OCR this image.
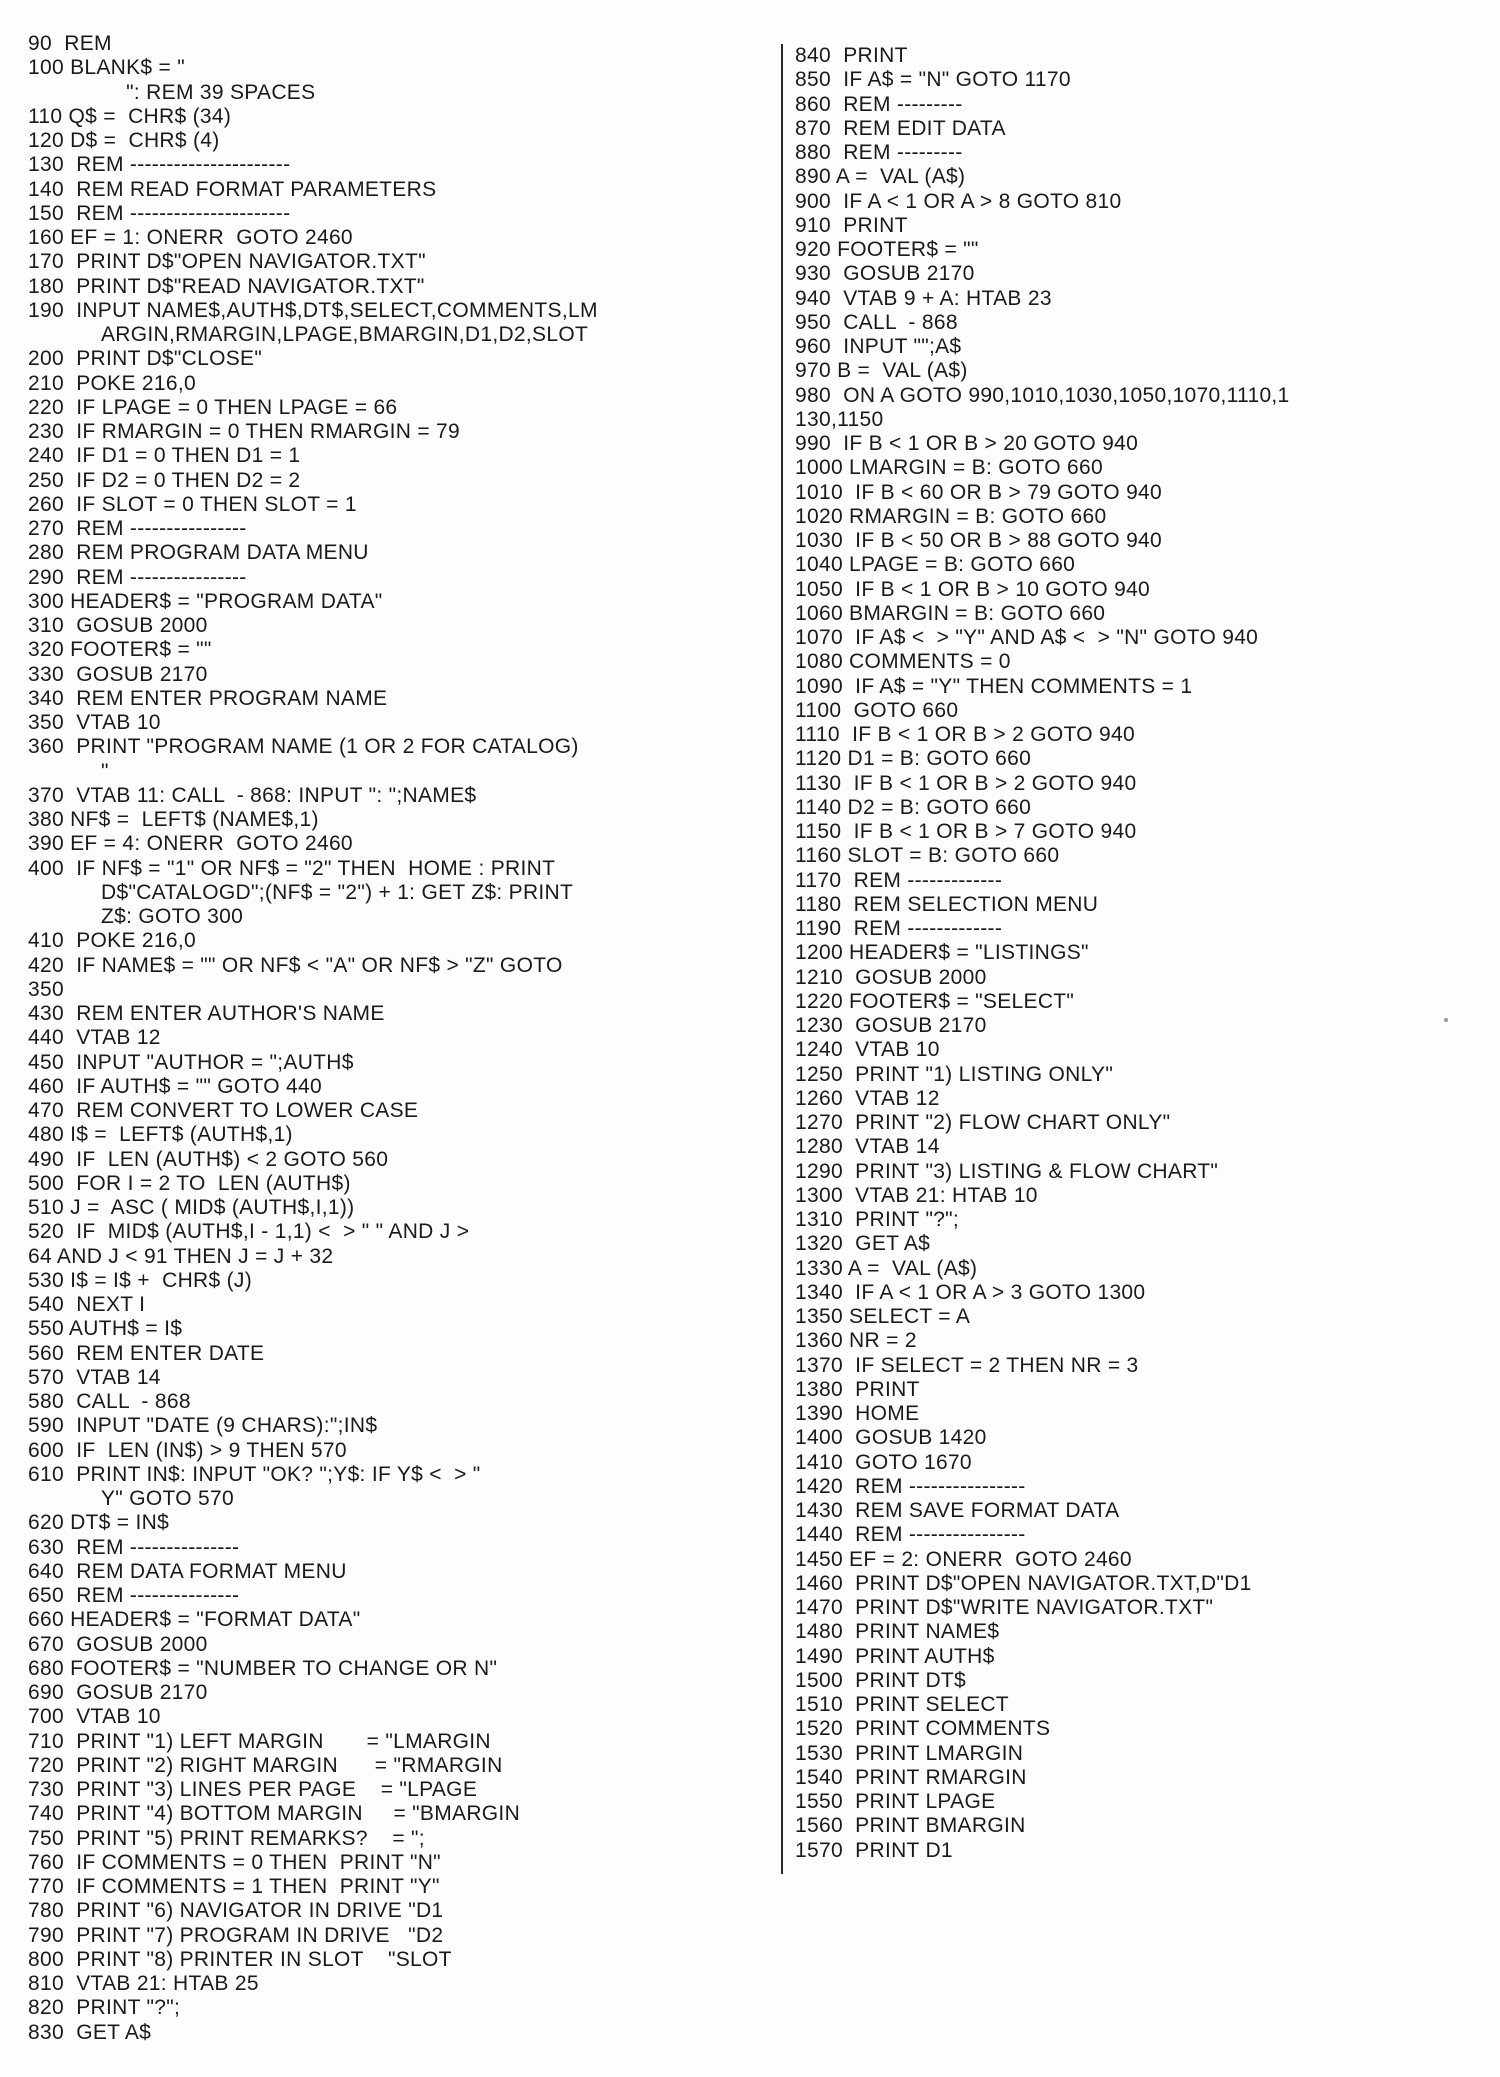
90  REM
100 BLANK$ = "
": REM 39 SPACES
110 Q$ =  CHR$ (34)
120 D$ =  CHR$ (4)
130  REM ----------------------
140  REM READ FORMAT PARAMETERS
150  REM ----------------------
160 EF = 1: ONERR  GOTO 2460
170  PRINT D$"OPEN NAVIGATOR.TXT"
180  PRINT D$"READ NAVIGATOR.TXT"
190  INPUT NAME$,AUTH$,DT$,SELECT,COMMENTS,LM
ARGIN,RMARGIN,LPAGE,BMARGIN,D1,D2,SLOT
200  PRINT D$"CLOSE"
210  POKE 216,0
220  IF LPAGE = 0 THEN LPAGE = 66
230  IF RMARGIN = 0 THEN RMARGIN = 79
240  IF D1 = 0 THEN D1 = 1
250  IF D2 = 0 THEN D2 = 2
260  IF SLOT = 0 THEN SLOT = 1
270  REM ----------------
280  REM PROGRAM DATA MENU
290  REM ----------------
300 HEADER$ = "PROGRAM DATA"
310  GOSUB 2000
320 FOOTER$ = ""
330  GOSUB 2170
340  REM ENTER PROGRAM NAME
350  VTAB 10
360  PRINT "PROGRAM NAME (1 OR 2 FOR CATALOG)
"
370  VTAB 11: CALL  - 868: INPUT ": ";NAME$
380 NF$ =  LEFT$ (NAME$,1)
390 EF = 4: ONERR  GOTO 2460
400  IF NF$ = "1" OR NF$ = "2" THEN  HOME : PRINT
D$"CATALOGD";(NF$ = "2") + 1: GET Z$: PRINT
Z$: GOTO 300
410  POKE 216,0
420  IF NAME$ = "" OR NF$ < "A" OR NF$ > "Z" GOTO
350
430  REM ENTER AUTHOR'S NAME
440  VTAB 12
450  INPUT "AUTHOR = ";AUTH$
460  IF AUTH$ = "" GOTO 440
470  REM CONVERT TO LOWER CASE
480 I$ =  LEFT$ (AUTH$,1)
490  IF  LEN (AUTH$) < 2 GOTO 560
500  FOR I = 2 TO  LEN (AUTH$)
510 J =  ASC ( MID$ (AUTH$,I,1))
520  IF  MID$ (AUTH$,I - 1,1) <  > " " AND J >
64 AND J < 91 THEN J = J + 32
530 I$ = I$ +  CHR$ (J)
540  NEXT I
550 AUTH$ = I$
560  REM ENTER DATE
570  VTAB 14
580  CALL  - 868
590  INPUT "DATE (9 CHARS):";IN$
600  IF  LEN (IN$) > 9 THEN 570
610  PRINT IN$: INPUT "OK? ";Y$: IF Y$ <  > "
Y" GOTO 570
620 DT$ = IN$
630  REM ---------------
640  REM DATA FORMAT MENU
650  REM ---------------
660 HEADER$ = "FORMAT DATA"
670  GOSUB 2000
680 FOOTER$ = "NUMBER TO CHANGE OR N"
690  GOSUB 2170
700  VTAB 10
710  PRINT "1) LEFT MARGIN       = "LMARGIN
720  PRINT "2) RIGHT MARGIN      = "RMARGIN
730  PRINT "3) LINES PER PAGE    = "LPAGE
740  PRINT "4) BOTTOM MARGIN     = "BMARGIN
750  PRINT "5) PRINT REMARKS?    = ";
760  IF COMMENTS = 0 THEN  PRINT "N"
770  IF COMMENTS = 1 THEN  PRINT "Y"
780  PRINT "6) NAVIGATOR IN DRIVE "D1
790  PRINT "7) PROGRAM IN DRIVE   "D2
800  PRINT "8) PRINTER IN SLOT    "SLOT
810  VTAB 21: HTAB 25
820  PRINT "?";
830  GET A$
840  PRINT
850  IF A$ = "N" GOTO 1170
860  REM ---------
870  REM EDIT DATA
880  REM ---------
890 A =  VAL (A$)
900  IF A < 1 OR A > 8 GOTO 810
910  PRINT
920 FOOTER$ = ""
930  GOSUB 2170
940  VTAB 9 + A: HTAB 23
950  CALL  - 868
960  INPUT "";A$
970 B =  VAL (A$)
980  ON A GOTO 990,1010,1030,1050,1070,1110,1
130,1150
990  IF B < 1 OR B > 20 GOTO 940
1000 LMARGIN = B: GOTO 660
1010  IF B < 60 OR B > 79 GOTO 940
1020 RMARGIN = B: GOTO 660
1030  IF B < 50 OR B > 88 GOTO 940
1040 LPAGE = B: GOTO 660
1050  IF B < 1 OR B > 10 GOTO 940
1060 BMARGIN = B: GOTO 660
1070  IF A$ <  > "Y" AND A$ <  > "N" GOTO 940
1080 COMMENTS = 0
1090  IF A$ = "Y" THEN COMMENTS = 1
1100  GOTO 660
1110  IF B < 1 OR B > 2 GOTO 940
1120 D1 = B: GOTO 660
1130  IF B < 1 OR B > 2 GOTO 940
1140 D2 = B: GOTO 660
1150  IF B < 1 OR B > 7 GOTO 940
1160 SLOT = B: GOTO 660
1170  REM -------------
1180  REM SELECTION MENU
1190  REM -------------
1200 HEADER$ = "LISTINGS"
1210  GOSUB 2000
1220 FOOTER$ = "SELECT"
1230  GOSUB 2170
1240  VTAB 10
1250  PRINT "1) LISTING ONLY"
1260  VTAB 12
1270  PRINT "2) FLOW CHART ONLY"
1280  VTAB 14
1290  PRINT "3) LISTING & FLOW CHART"
1300  VTAB 21: HTAB 10
1310  PRINT "?";
1320  GET A$
1330 A =  VAL (A$)
1340  IF A < 1 OR A > 3 GOTO 1300
1350 SELECT = A
1360 NR = 2
1370  IF SELECT = 2 THEN NR = 3
1380  PRINT
1390  HOME
1400  GOSUB 1420
1410  GOTO 1670
1420  REM ----------------
1430  REM SAVE FORMAT DATA
1440  REM ----------------
1450 EF = 2: ONERR  GOTO 2460
1460  PRINT D$"OPEN NAVIGATOR.TXT,D"D1
1470  PRINT D$"WRITE NAVIGATOR.TXT"
1480  PRINT NAME$
1490  PRINT AUTH$
1500  PRINT DT$
1510  PRINT SELECT
1520  PRINT COMMENTS
1530  PRINT LMARGIN
1540  PRINT RMARGIN
1550  PRINT LPAGE
1560  PRINT BMARGIN
1570  PRINT D1
